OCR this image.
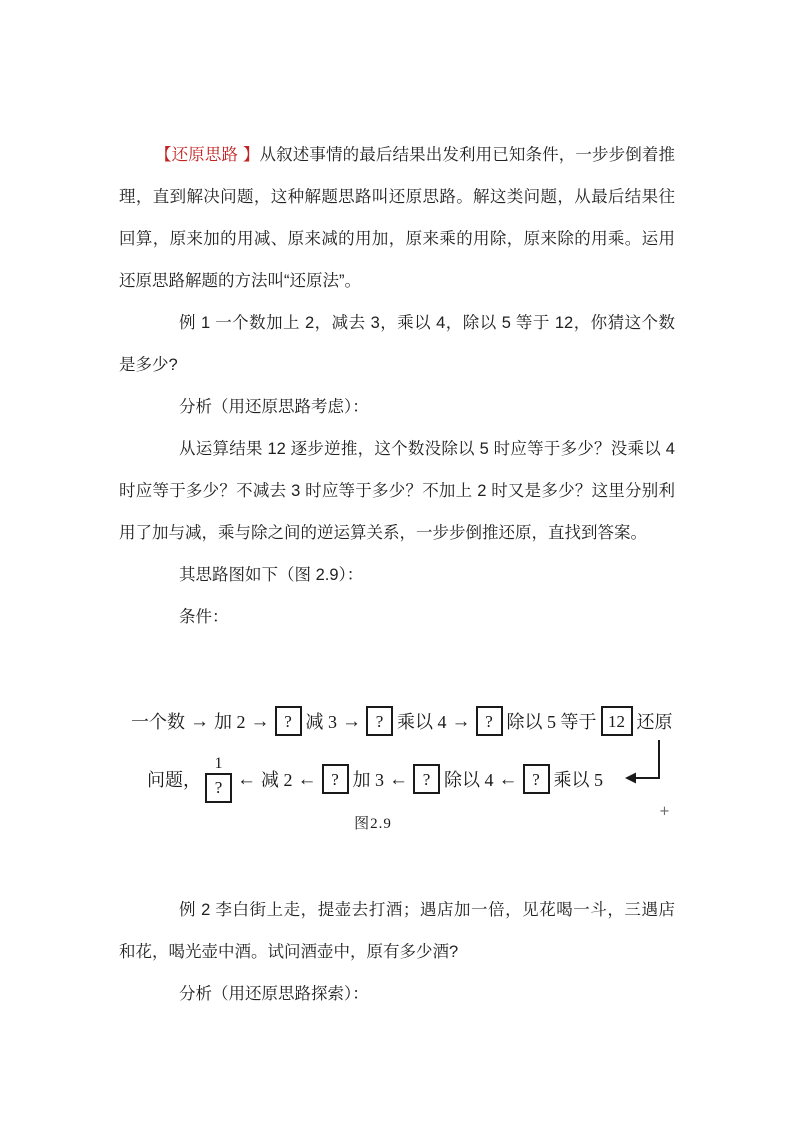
【还原思路 】从叙述事情的最后结果出发利用已知条件，一步步倒着推理，直到解决问题，这种解题思路叫还原思路。解这类问题，从最后结果往回算，原来加的用减、原来减的用加，原来乘的用除，原来除的用乘。运用还原思路解题的方法叫“还原法”。

例 1 一个数加上 2，减去 3，乘以 4，除以 5 等于 12，你猜这个数是多少?

分析（用还原思路考虑）：

从运算结果 12 逐步逆推，这个数没除以 5 时应等于多少？没乘以 4 时应等于多少？不减去 3 时应等于多少？不加上 2 时又是多少？这里分别利用了加与减，乘与除之间的逆运算关系，一步步倒推还原，直找到答案。

其思路图如下（图 2.9）：

条件：

一个数 → 加 2 → ? 减 3 → ? 乘以 4 → ? 除以 5 等于 12 还原
问题， $\frac{1}{?}$ ← 减 2 ← ? 加 3 ← ? 除以 4 ← ? 乘以 5
图2.9
+

例 2 李白街上走，提壶去打酒；遇店加一倍，见花喝一斗，三遇店和花，喝光壶中酒。试问酒壶中，原有多少酒?

分析（用还原思路探索）：
